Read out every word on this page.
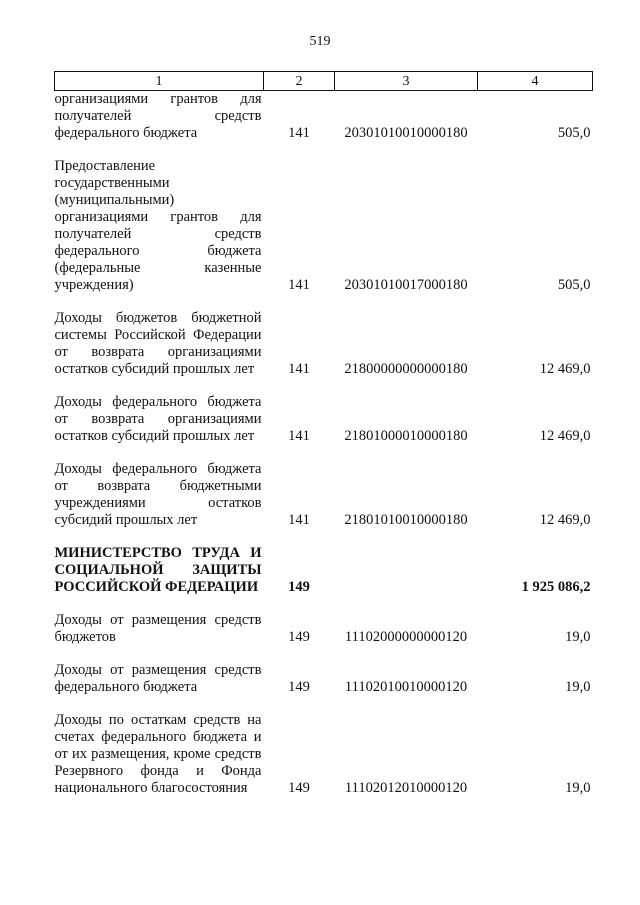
519
1	2	3	4
организациями грантов для получателей средств федерального бюджета	141	20301010010000180	505,0
Предоставление государственными (муниципальными) организациями грантов для получателей средств федерального бюджета (федеральные казенные учреждения)	141	20301010017000180	505,0
Доходы бюджетов бюджетной системы Российской Федерации от возврата организациями остатков субсидий прошлых лет	141	21800000000000180	12 469,0
Доходы федерального бюджета от возврата организациями остатков субсидий прошлых лет	141	21801000010000180	12 469,0
Доходы федерального бюджета от возврата бюджетными учреждениями остатков субсидий прошлых лет	141	21801010010000180	12 469,0
МИНИСТЕРСТВО ТРУДА И СОЦИАЛЬНОЙ ЗАЩИТЫ РОССИЙСКОЙ ФЕДЕРАЦИИ	149		1 925 086,2
Доходы от размещения средств бюджетов	149	11102000000000120	19,0
Доходы от размещения средств федерального бюджета	149	11102010010000120	19,0
Доходы по остаткам средств на счетах федерального бюджета и от их размещения, кроме средств Резервного фонда и Фонда национального благосостояния	149	11102012010000120	19,0
